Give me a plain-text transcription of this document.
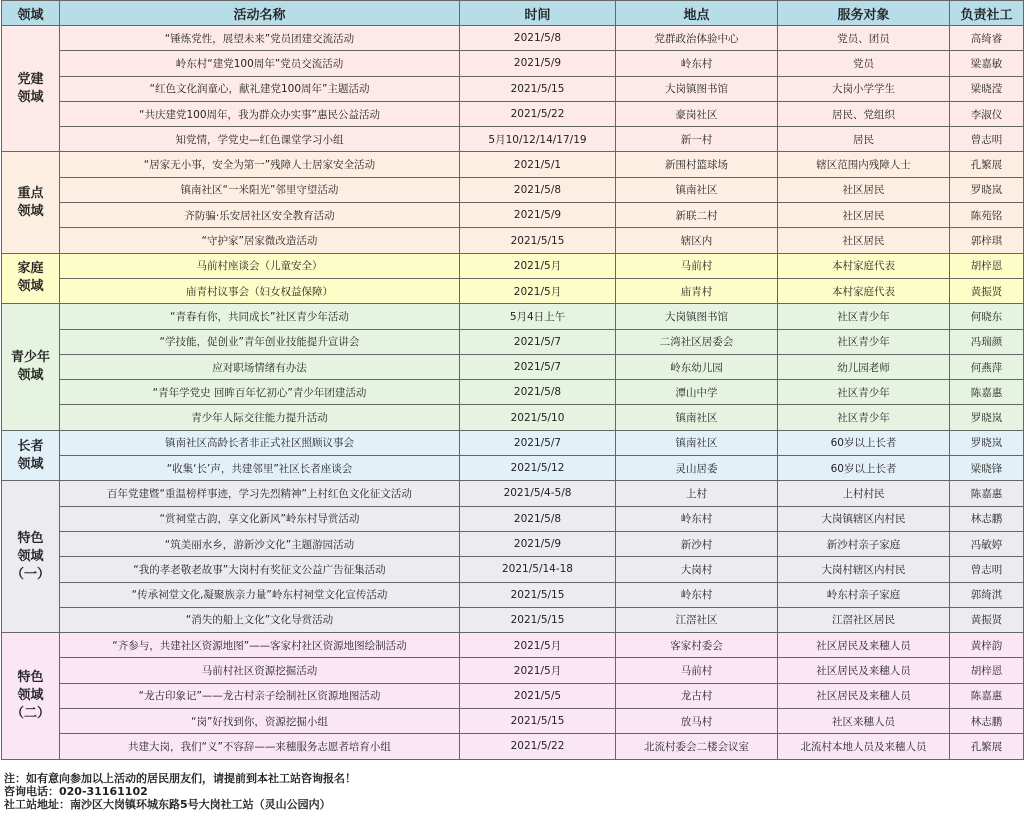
领域	活动名称	时间	地点	服务对象	负责社工

党建
领域	“锤炼党性，展望未来”党员团建交流活动	2021/5/8	党群政治体验中心	党员、团员	高绮睿
	岭东村“建党100周年”党员交流活动	2021/5/9	岭东村	党员	梁嘉敏
	“红色文化润童心，献礼建党100周年”主题活动	2021/5/15	大岗镇图书馆	大岗小学学生	梁晓滢
	“共庆建党100周年，我为群众办实事”惠民公益活动	2021/5/22	豪岗社区	居民、党组织	李淑仪
	知党情，学党史—红色课堂学习小组	5月10/12/14/17/19	新一村	居民	曾志明

重点
领域	“居家无小事，安全为第一”残障人士居家安全活动	2021/5/1	新围村篮球场	辖区范围内残障人士	孔繁展
	镇南社区“一米阳光”邻里守望活动	2021/5/8	镇南社区	社区居民	罗晓岚
	齐防骗·乐安居社区安全教育活动	2021/5/9	新联二村	社区居民	陈苑铭
	“守护家”居家微改造活动	2021/5/15	辖区内	社区居民	郭梓琪

家庭
领域	马前村座谈会（儿童安全）	2021/5月	马前村	本村家庭代表	胡梓恩
	庙青村议事会（妇女权益保障）	2021/5月	庙青村	本村家庭代表	黄振贤

青少年
领域	“青春有你，共同成长”社区青少年活动	5月4日上午	大岗镇图书馆	社区青少年	何晓东
	“学技能，促创业”青年创业技能提升宣讲会	2021/5/7	二湾社区居委会	社区青少年	冯瑞颜
	应对职场情绪有办法	2021/5/7	岭东幼儿园	幼儿园老师	何燕萍
	“青年学党史 回眸百年忆初心”青少年团建活动	2021/5/8	潭山中学	社区青少年	陈嘉惠
	青少年人际交往能力提升活动	2021/5/10	镇南社区	社区青少年	罗晓岚

长者
领域	镇南社区高龄长者非正式社区照顾议事会	2021/5/7	镇南社区	60岁以上长者	罗晓岚
	“收集‘长’声，共建邻里”社区长者座谈会	2021/5/12	灵山居委	60岁以上长者	梁晓锋

特色
领域
（一）	百年党建暨“重温榜样事迹，学习先烈精神”上村红色文化征文活动	2021/5/4-5/8	上村	上村村民	陈嘉惠
	“赏祠堂古韵，享文化新风”岭东村导赏活动	2021/5/8	岭东村	大岗镇辖区内村民	林志鹏
	“筑美丽水乡，游新沙文化”主题游园活动	2021/5/9	新沙村	新沙村亲子家庭	冯敏婷
	“我的孝老敬老故事”大岗村有奖征文公益广告征集活动	2021/5/14-18	大岗村	大岗村辖区内村民	曾志明
	“传承祠堂文化,凝聚族亲力量”岭东村祠堂文化宣传活动	2021/5/15	岭东村	岭东村亲子家庭	郭绮淇
	“消失的船上文化”文化导赏活动	2021/5/15	江滘社区	江滘社区居民	黄振贤

特色
领域
（二）	“齐参与，共建社区资源地图”——客家村社区资源地图绘制活动	2021/5月	客家村委会	社区居民及来穗人员	黄梓韵
	马前村社区资源挖掘活动	2021/5月	马前村	社区居民及来穗人员	胡梓恩
	“龙古印象记”——龙古村亲子绘制社区资源地图活动	2021/5/5	龙古村	社区居民及来穗人员	陈嘉惠
	“岗”好找到你，资源挖掘小组	2021/5/15	放马村	社区来穗人员	林志鹏
	共建大岗，我们“义”不容辞——来穗服务志愿者培育小组	2021/5/22	北流村委会二楼会议室	北流村本地人员及来穗人员	孔繁展
注：如有意向参加以上活动的居民朋友们，请提前到本社工站咨询报名！
咨询电话：020-31161102
社工站地址：南沙区大岗镇环城东路5号大岗社工站（灵山公园内）
